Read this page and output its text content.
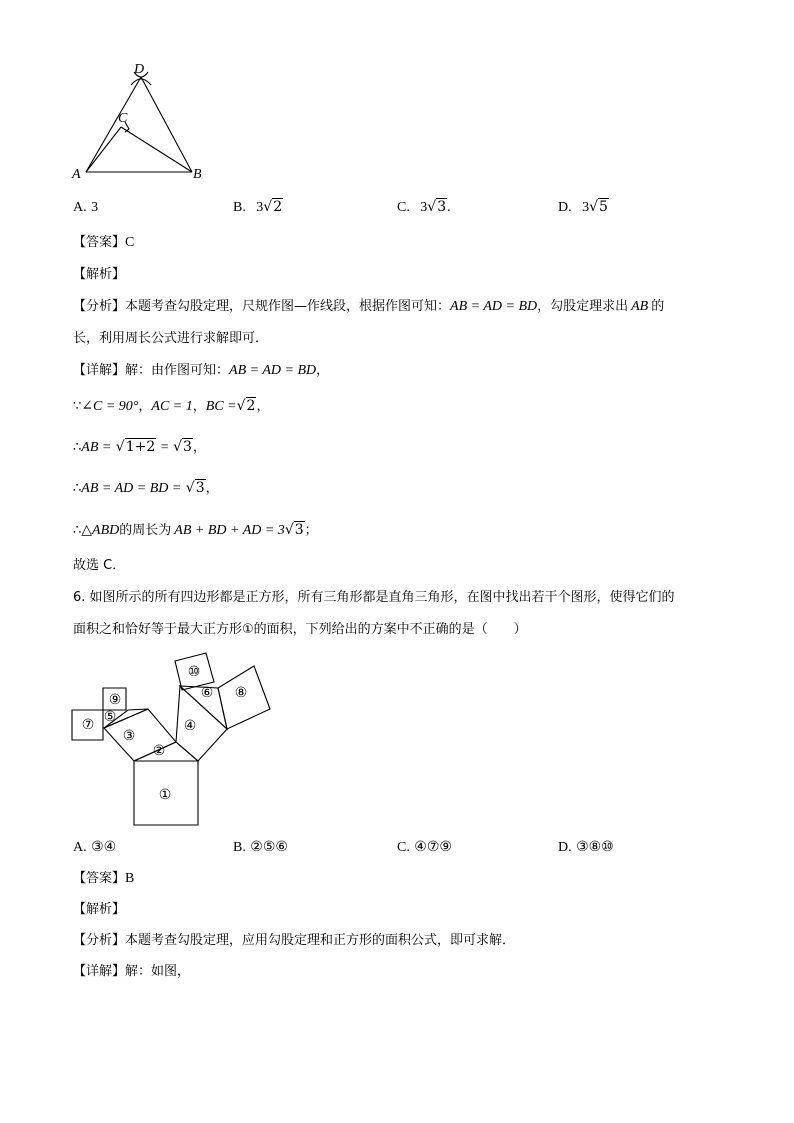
D
C
A	B
A. 3	B. 3√2	C. 3√3.	D. 3√5
【答案】C
【解析】
【分析】本题考查勾股定理，尺规作图—作线段，根据作图可知：AB = AD = BD，勾股定理求出 AB 的
长，利用周长公式进行求解即可．
【详解】解：由作图可知：AB = AD = BD，
∵∠C = 90°，AC = 1，BC =√2，
∴AB = √1+2 = √3，
∴AB = AD = BD = √3，
∴△ABD的周长为 AB + BD + AD = 3√3；
故选 C．
6. 如图所示的所有四边形都是正方形，所有三角形都是直角三角形，在图中找出若干个图形，使得它们的
面积之和恰好等于最大正方形①的面积，下列给出的方案中不正确的是（　　）
①
②
③
④
⑤
⑥
⑦
⑧
⑨
⑩
A. ③④	B. ②⑤⑥	C. ④⑦⑨	D. ③⑧⑩
【答案】B
【解析】
【分析】本题考查勾股定理，应用勾股定理和正方形的面积公式，即可求解．
【详解】解：如图，
